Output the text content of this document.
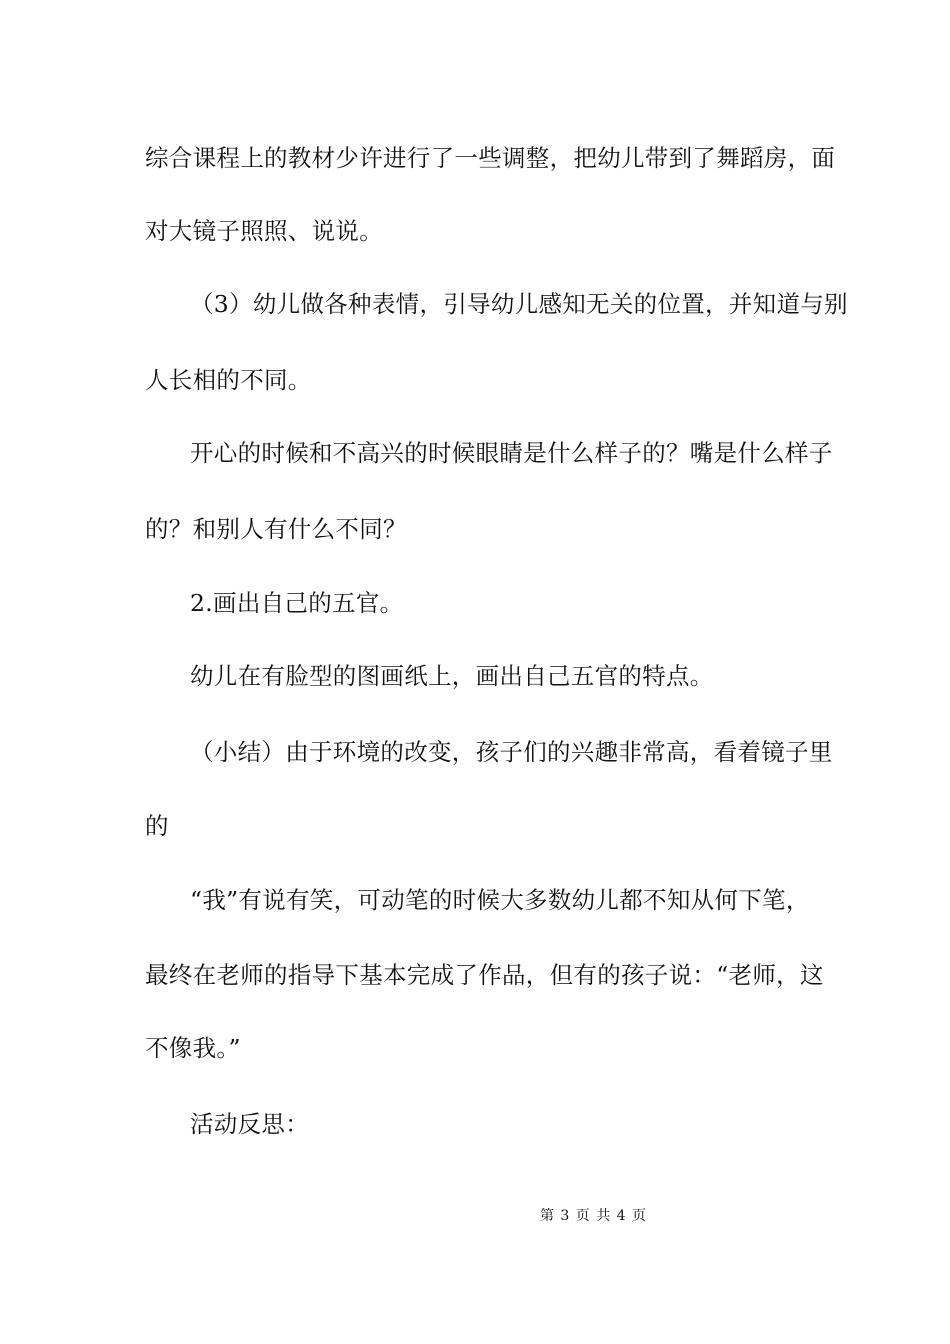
综合课程上的教材少许进行了一些调整，把幼儿带到了舞蹈房，面
对大镜子照照、说说。
（3）幼儿做各种表情，引导幼儿感知无关的位置，并知道与别
人长相的不同。
开心的时候和不高兴的时候眼睛是什么样子的？嘴是什么样子
的？和别人有什么不同？
2.画出自己的五官。
幼儿在有脸型的图画纸上，画出自己五官的特点。
（小结）由于环境的改变，孩子们的兴趣非常高，看着镜子里
的
“我”有说有笑，可动笔的时候大多数幼儿都不知从何下笔，
最终在老师的指导下基本完成了作品，但有的孩子说：“老师，这
不像我。”
活动反思：
第 3 页 共 4 页
